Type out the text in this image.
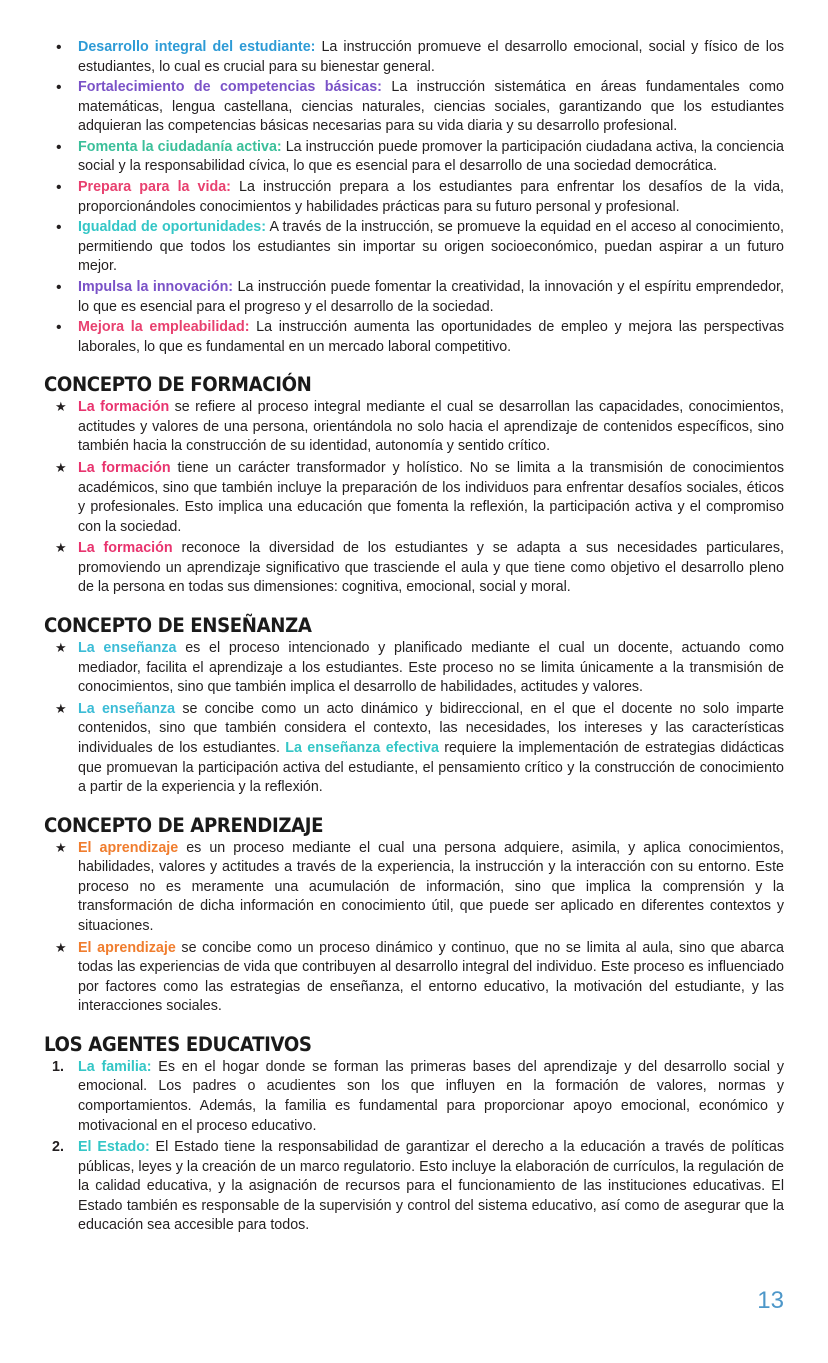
• Desarrollo integral del estudiante: La instrucción promueve el desarrollo emocional, social y físico de los estudiantes, lo cual es crucial para su bienestar general.
• Fortalecimiento de competencias básicas: La instrucción sistemática en áreas fundamentales como matemáticas, lengua castellana, ciencias naturales, ciencias sociales, garantizando que los estudiantes adquieran las competencias básicas necesarias para su vida diaria y su desarrollo profesional.
• Fomenta la ciudadanía activa: La instrucción puede promover la participación ciudadana activa, la conciencia social y la responsabilidad cívica, lo que es esencial para el desarrollo de una sociedad democrática.
• Prepara para la vida: La instrucción prepara a los estudiantes para enfrentar los desafíos de la vida, proporcionándoles conocimientos y habilidades prácticas para su futuro personal y profesional.
• Igualdad de oportunidades: A través de la instrucción, se promueve la equidad en el acceso al conocimiento, permitiendo que todos los estudiantes sin importar su origen socioeconómico, puedan aspirar a un futuro mejor.
• Impulsa la innovación: La instrucción puede fomentar la creatividad, la innovación y el espíritu emprendedor, lo que es esencial para el progreso y el desarrollo de la sociedad.
• Mejora la empleabilidad: La instrucción aumenta las oportunidades de empleo y mejora las perspectivas laborales, lo que es fundamental en un mercado laboral competitivo.
CONCEPTO DE FORMACIÓN
★ La formación se refiere al proceso integral mediante el cual se desarrollan las capacidades, conocimientos, actitudes y valores de una persona, orientándola no solo hacia el aprendizaje de contenidos específicos, sino también hacia la construcción de su identidad, autonomía y sentido crítico.
★ La formación tiene un carácter transformador y holístico. No se limita a la transmisión de conocimientos académicos, sino que también incluye la preparación de los individuos para enfrentar desafíos sociales, éticos y profesionales. Esto implica una educación que fomenta la reflexión, la participación activa y el compromiso con la sociedad.
★ La formación reconoce la diversidad de los estudiantes y se adapta a sus necesidades particulares, promoviendo un aprendizaje significativo que trasciende el aula y que tiene como objetivo el desarrollo pleno de la persona en todas sus dimensiones: cognitiva, emocional, social y moral.
CONCEPTO DE ENSEÑANZA
★ La enseñanza es el proceso intencionado y planificado mediante el cual un docente, actuando como mediador, facilita el aprendizaje a los estudiantes. Este proceso no se limita únicamente a la transmisión de conocimientos, sino que también implica el desarrollo de habilidades, actitudes y valores.
★ La enseñanza se concibe como un acto dinámico y bidireccional, en el que el docente no solo imparte contenidos, sino que también considera el contexto, las necesidades, los intereses y las características individuales de los estudiantes. La enseñanza efectiva requiere la implementación de estrategias didácticas que promuevan la participación activa del estudiante, el pensamiento crítico y la construcción de conocimiento a partir de la experiencia y la reflexión.
CONCEPTO DE APRENDIZAJE
★ El aprendizaje es un proceso mediante el cual una persona adquiere, asimila, y aplica conocimientos, habilidades, valores y actitudes a través de la experiencia, la instrucción y la interacción con su entorno. Este proceso no es meramente una acumulación de información, sino que implica la comprensión y la transformación de dicha información en conocimiento útil, que puede ser aplicado en diferentes contextos y situaciones.
★ El aprendizaje se concibe como un proceso dinámico y continuo, que no se limita al aula, sino que abarca todas las experiencias de vida que contribuyen al desarrollo integral del individuo. Este proceso es influenciado por factores como las estrategias de enseñanza, el entorno educativo, la motivación del estudiante, y las interacciones sociales.
LOS AGENTES EDUCATIVOS
La familia: Es en el hogar donde se forman las primeras bases del aprendizaje y del desarrollo social y emocional. Los padres o acudientes son los que influyen en la formación de valores, normas y comportamientos. Además, la familia es fundamental para proporcionar apoyo emocional, económico y motivacional en el proceso educativo.
El Estado: El Estado tiene la responsabilidad de garantizar el derecho a la educación a través de políticas públicas, leyes y la creación de un marco regulatorio. Esto incluye la elaboración de currículos, la regulación de la calidad educativa, y la asignación de recursos para el funcionamiento de las instituciones educativas. El Estado también es responsable de la supervisión y control del sistema educativo, así como de asegurar que la educación sea accesible para todos.
13
